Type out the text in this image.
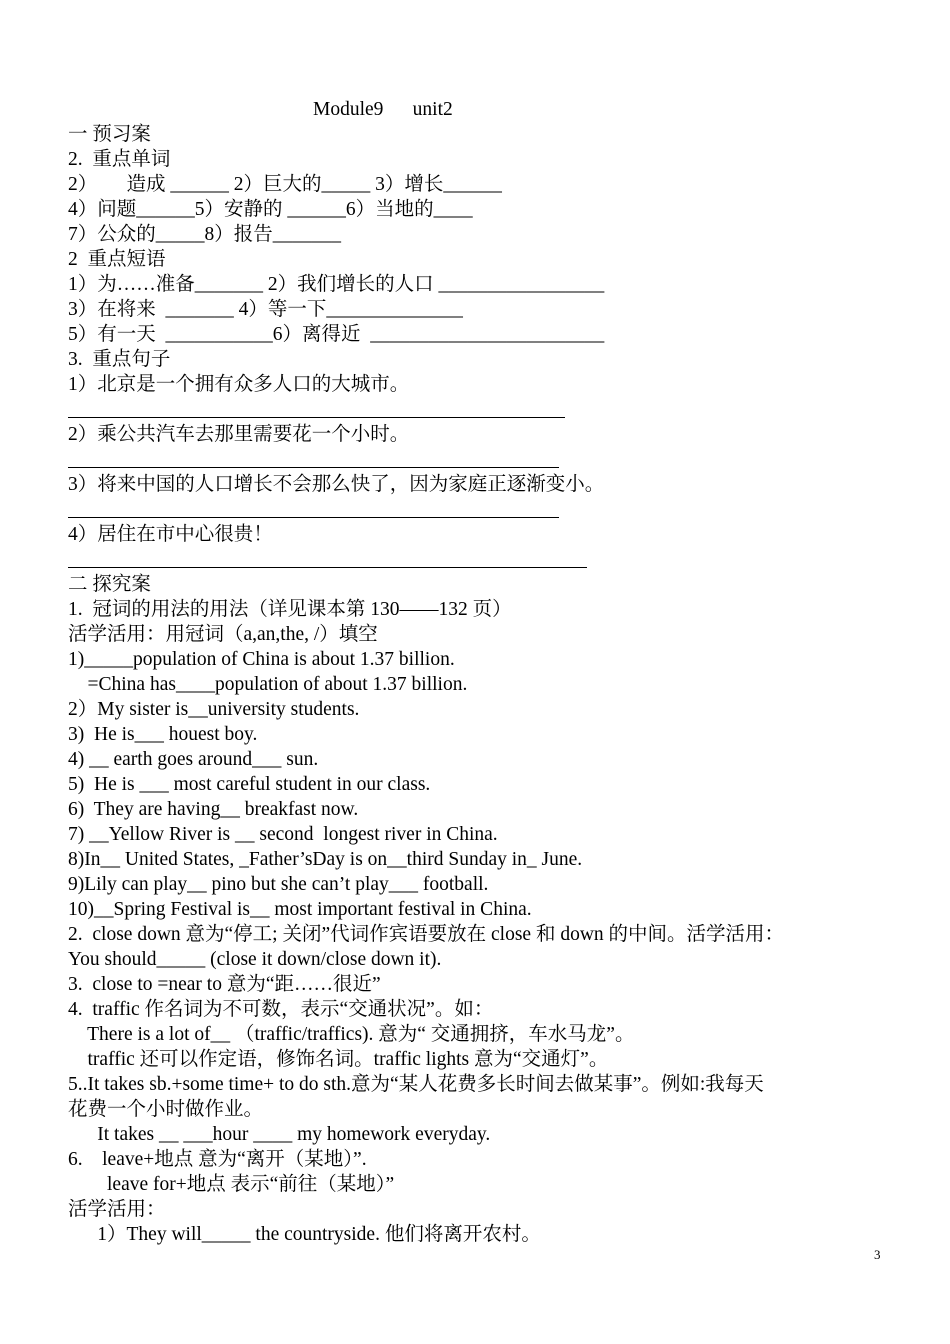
Module9      unit2
一 预习案
2.  重点单词
2）      造成 ______ 2）巨大的_____ 3）增长______
4）问题______5）安静的 ______6）当地的____
7）公众的_____8）报告_______
2  重点短语
1）为……准备_______ 2）我们增长的人口 _________________
3）在将来  _______ 4）等一下______________
5）有一天  ___________6）离得近  ________________________
3.  重点句子
1）北京是一个拥有众多人口的大城市。
2）乘公共汽车去那里需要花一个小时。
3）将来中国的人口增长不会那么快了，因为家庭正逐渐变小。
4）居住在市中心很贵！
二 探究案
1.  冠词的用法的用法（详见课本第 130——132 页）
活学活用：用冠词（a,an,the, /）填空
1)_____population of China is about 1.37 billion.
=China has____population of about 1.37 billion.
2）My sister is__university students.
3)  He is___ houest boy.
4) __ earth goes around___ sun.
5)  He is ___ most careful student in our class.
6)  They are having__ breakfast now.
7) __Yellow River is __ second  longest river in China.
8)In__ United States, _Father’sDay is on__third Sunday in_ June.
9)Lily can play__ pino but she can’t play___ football.
10)__Spring Festival is__ most important festival in China.
2.  close down 意为“停工; 关闭”代词作宾语要放在 close 和 down 的中间。活学活用：
You should_____ (close it down/close down it).
3.  close to =near to 意为“距……很近”
4.  traffic 作名词为不可数，表示“交通状况”。如：
There is a lot of__ （traffic/traffics). 意为“ 交通拥挤，车水马龙”。
traffic 还可以作定语，修饰名词。traffic lights 意为“交通灯”。
5..It takes sb.+some time+ to do sth.意为“某人花费多长时间去做某事”。例如:我每天
花费一个小时做作业。
It takes __ ___hour ____ my homework everyday.
6.    leave+地点 意为“离开（某地）”.
leave for+地点 表示“前往（某地）”
活学活用：
1）They will_____ the countryside. 他们将离开农村。
3
